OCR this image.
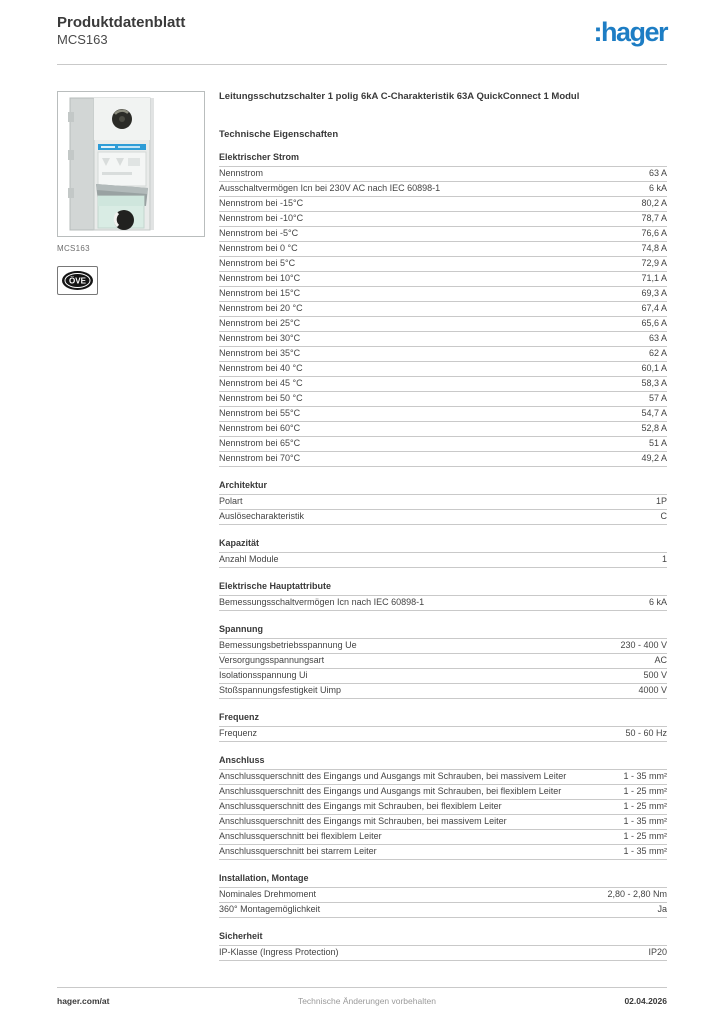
Produktdatenblatt
MCS163	:hager
MCS163
ÖVE
Leitungsschutzschalter 1 polig 6kA C-Charakteristik 63A QuickConnect 1 Modul
Technische Eigenschaften
Elektrischer Strom
Nennstrom	63 A
Ausschaltvermögen Icn bei 230V AC nach IEC 60898-1	6 kA
Nennstrom bei -15°C	80,2 A
Nennstrom bei -10°C	78,7 A
Nennstrom bei -5°C	76,6 A
Nennstrom bei 0 °C	74,8 A
Nennstrom bei 5°C	72,9 A
Nennstrom bei 10°C	71,1 A
Nennstrom bei 15°C	69,3 A
Nennstrom bei 20 °C	67,4 A
Nennstrom bei 25°C	65,6 A
Nennstrom bei 30°C	63 A
Nennstrom bei 35°C	62 A
Nennstrom bei 40 °C	60,1 A
Nennstrom bei 45 °C	58,3 A
Nennstrom bei 50 °C	57 A
Nennstrom bei 55°C	54,7 A
Nennstrom bei 60°C	52,8 A
Nennstrom bei 65°C	51 A
Nennstrom bei 70°C	49,2 A
Architektur
Polart	1P
Auslösecharakteristik	C
Kapazität
Anzahl Module	1
Elektrische Hauptattribute
Bemessungsschaltvermögen Icn nach IEC 60898-1	6 kA
Spannung
Bemessungsbetriebsspannung Ue	230 - 400 V
Versorgungsspannungsart	AC
Isolationsspannung Ui	500 V
Stoßspannungsfestigkeit Uimp	4000 V
Frequenz
Frequenz	50 - 60 Hz
Anschluss
Anschlussquerschnitt des Eingangs und Ausgangs mit Schrauben, bei massivem Leiter	1 - 35 mm²
Anschlussquerschnitt des Eingangs und Ausgangs mit Schrauben, bei flexiblem Leiter	1 - 25 mm²
Anschlussquerschnitt des Eingangs mit Schrauben, bei flexiblem Leiter	1 - 25 mm²
Anschlussquerschnitt des Eingangs mit Schrauben, bei massivem Leiter	1 - 35 mm²
Anschlussquerschnitt bei flexiblem Leiter	1 - 25 mm²
Anschlussquerschnitt bei starrem Leiter	1 - 35 mm²
Installation, Montage
Nominales Drehmoment	2,80 - 2,80 Nm
360° Montagemöglichkeit	Ja
Sicherheit
IP-Klasse (Ingress Protection)	IP20
hager.com/at	Technische Änderungen vorbehalten	02.04.2026
